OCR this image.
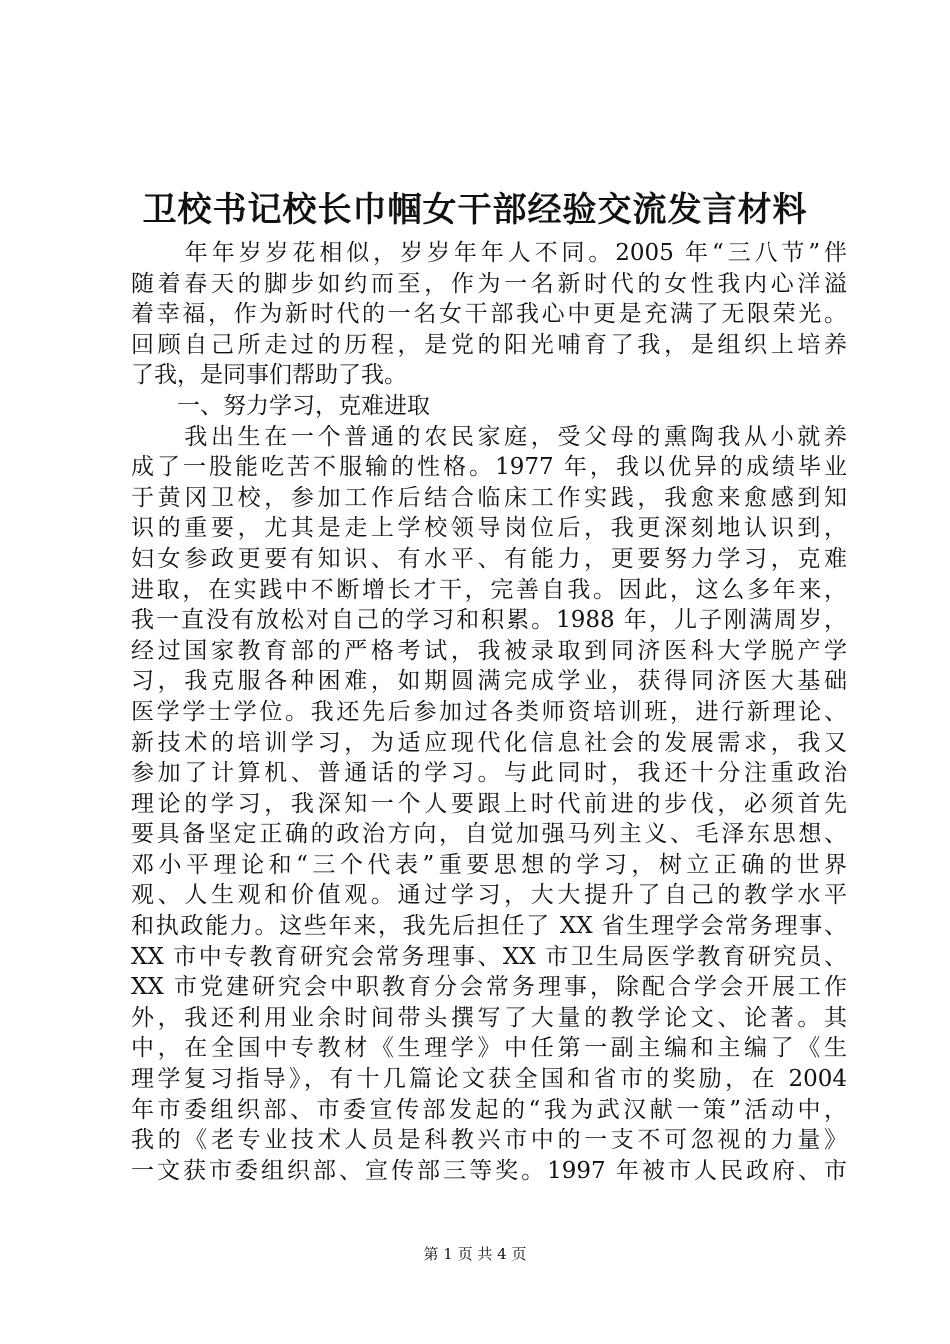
卫校书记校长巾帼女干部经验交流发言材料
　　年年岁岁花相似，岁岁年年人不同。2005 年“三八节”伴
随着春天的脚步如约而至，作为一名新时代的女性我内心洋溢
着幸福，作为新时代的一名女干部我心中更是充满了无限荣光。
回顾自己所走过的历程，是党的阳光哺育了我，是组织上培养
了我，是同事们帮助了我。
　　一、努力学习，克难进取
　　我出生在一个普通的农民家庭，受父母的熏陶我从小就养
成了一股能吃苦不服输的性格。1977 年，我以优异的成绩毕业
于黄冈卫校，参加工作后结合临床工作实践，我愈来愈感到知
识的重要，尤其是走上学校领导岗位后，我更深刻地认识到，
妇女参政更要有知识、有水平、有能力，更要努力学习，克难
进取，在实践中不断增长才干，完善自我。因此，这么多年来，
我一直没有放松对自己的学习和积累。1988 年，儿子刚满周岁，
经过国家教育部的严格考试，我被录取到同济医科大学脱产学
习，我克服各种困难，如期圆满完成学业，获得同济医大基础
医学学士学位。我还先后参加过各类师资培训班，进行新理论、
新技术的培训学习，为适应现代化信息社会的发展需求，我又
参加了计算机、普通话的学习。与此同时，我还十分注重政治
理论的学习，我深知一个人要跟上时代前进的步伐，必须首先
要具备坚定正确的政治方向，自觉加强马列主义、毛泽东思想、
邓小平理论和“三个代表”重要思想的学习，树立正确的世界
观、人生观和价值观。通过学习，大大提升了自己的教学水平
和执政能力。这些年来，我先后担任了 XX 省生理学会常务理事、
XX 市中专教育研究会常务理事、XX 市卫生局医学教育研究员、
XX 市党建研究会中职教育分会常务理事，除配合学会开展工作
外，我还利用业余时间带头撰写了大量的教学论文、论著。其
中，在全国中专教材《生理学》中任第一副主编和主编了《生
理学复习指导》，有十几篇论文获全国和省市的奖励，在 2004
年市委组织部、市委宣传部发起的“我为武汉献一策”活动中，
我的《老专业技术人员是科教兴市中的一支不可忽视的力量》
一文获市委组织部、宣传部三等奖。1997 年被市人民政府、市
第 1 页 共 4 页
